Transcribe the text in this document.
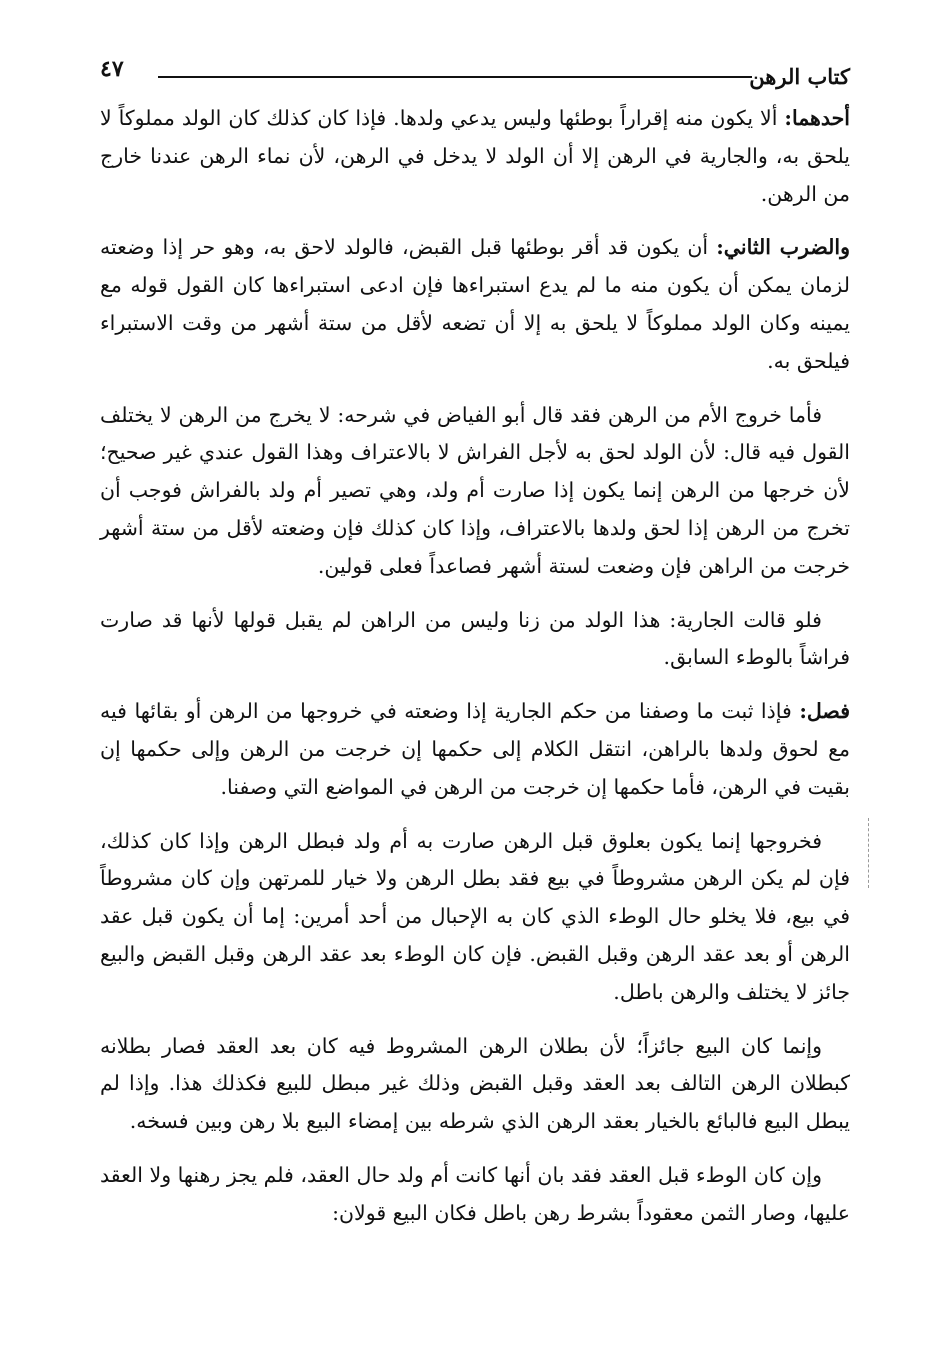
كتاب الرهن
٤٧

أحدهما: ألا يكون منه إقراراً بوطئها وليس يدعي ولدها. فإذا كان كذلك كان الولد مملوكاً لا يلحق به، والجارية في الرهن إلا أن الولد لا يدخل في الرهن، لأن نماء الرهن عندنا خارج من الرهن.

والضرب الثاني: أن يكون قد أقر بوطئها قبل القبض، فالولد لاحق به، وهو حر إذا وضعته لزمان يمكن أن يكون منه ما لم يدع استبراءها فإن ادعى استبراءها كان القول قوله مع يمينه وكان الولد مملوكاً لا يلحق به إلا أن تضعه لأقل من ستة أشهر من وقت الاستبراء فيلحق به.

فأما خروج الأم من الرهن فقد قال أبو الفياض في شرحه: لا يخرج من الرهن لا يختلف القول فيه قال: لأن الولد لحق به لأجل الفراش لا بالاعتراف وهذا القول عندي غير صحيح؛ لأن خرجها من الرهن إنما يكون إذا صارت أم ولد، وهي تصير أم ولد بالفراش فوجب أن تخرج من الرهن إذا لحق ولدها بالاعتراف، وإذا كان كذلك فإن وضعته لأقل من ستة أشهر خرجت من الراهن فإن وضعت لستة أشهر فصاعداً فعلى قولين.

فلو قالت الجارية: هذا الولد من زنا وليس من الراهن لم يقبل قولها لأنها قد صارت فراشاً بالوطء السابق.

فصل: فإذا ثبت ما وصفنا من حكم الجارية إذا وضعته في خروجها من الرهن أو بقائها فيه مع لحوق ولدها بالراهن، انتقل الكلام إلى حكمها إن خرجت من الرهن وإلى حكمها إن بقيت في الرهن، فأما حكمها إن خرجت من الرهن في المواضع التي وصفنا.

فخروجها إنما يكون بعلوق قبل الرهن صارت به أم ولد فبطل الرهن وإذا كان كذلك، فإن لم يكن الرهن مشروطاً في بيع فقد بطل الرهن ولا خيار للمرتهن وإن كان مشروطاً في بيع، فلا يخلو حال الوطء الذي كان به الإحبال من أحد أمرين: إما أن يكون قبل عقد الرهن أو بعد عقد الرهن وقبل القبض. فإن كان الوطء بعد عقد الرهن وقبل القبض والبيع جائز لا يختلف والرهن باطل.

وإنما كان البيع جائزاً؛ لأن بطلان الرهن المشروط فيه كان بعد العقد فصار بطلانه كبطلان الرهن التالف بعد العقد وقبل القبض وذلك غير مبطل للبيع فكذلك هذا. وإذا لم يبطل البيع فالبائع بالخيار بعقد الرهن الذي شرطه بين إمضاء البيع بلا رهن وبين فسخه.

وإن كان الوطء قبل العقد فقد بان أنها كانت أم ولد حال العقد، فلم يجز رهنها ولا العقد عليها، وصار الثمن معقوداً بشرط رهن باطل فكان البيع قولان:
